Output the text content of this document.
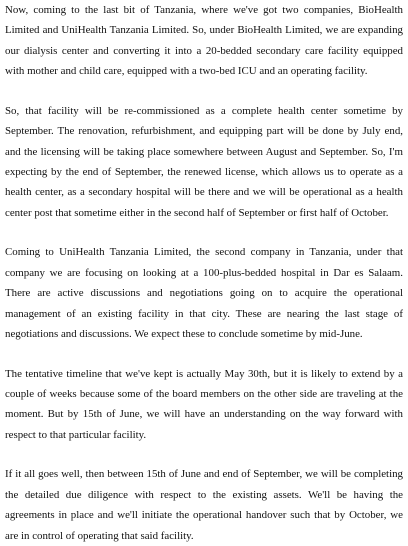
Now, coming to the last bit of Tanzania, where we've got two companies, BioHealth Limited and UniHealth Tanzania Limited. So, under BioHealth Limited, we are expanding our dialysis center and converting it into a 20-bedded secondary care facility equipped with mother and child care, equipped with a two-bed ICU and an operating facility.

So, that facility will be re-commissioned as a complete health center sometime by September. The renovation, refurbishment, and equipping part will be done by July end, and the licensing will be taking place somewhere between August and September. So, I'm expecting by the end of September, the renewed license, which allows us to operate as a health center, as a secondary hospital will be there and we will be operational as a health center post that sometime either in the second half of September or first half of October.

Coming to UniHealth Tanzania Limited, the second company in Tanzania, under that company we are focusing on looking at a 100-plus-bedded hospital in Dar es Salaam. There are active discussions and negotiations going on to acquire the operational management of an existing facility in that city. These are nearing the last stage of negotiations and discussions. We expect these to conclude sometime by mid-June.

The tentative timeline that we've kept is actually May 30th, but it is likely to extend by a couple of weeks because some of the board members on the other side are traveling at the moment. But by 15th of June, we will have an understanding on the way forward with respect to that particular facility.

If it all goes well, then between 15th of June and end of September, we will be completing the detailed due diligence with respect to the existing assets. We'll be having the agreements in place and we'll initiate the operational handover such that by October, we are in control of operating that said facility.
